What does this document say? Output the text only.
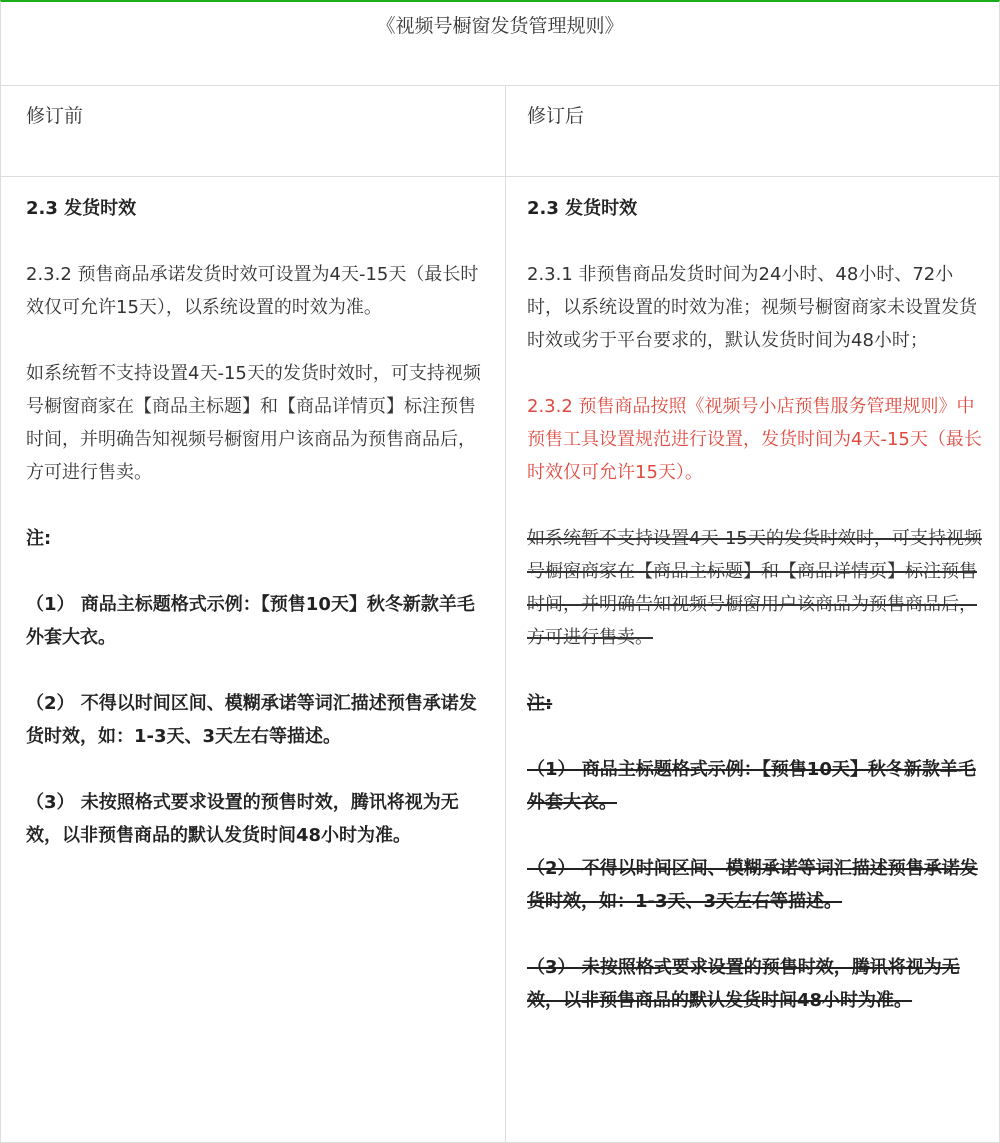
《视频号橱窗发货管理规则》
修订前	修订后

2.3 发货时效

2.3.2 预售商品承诺发货时效可设置为4天-15天（最长时效仅可允许15天），以系统设置的时效为准。

如系统暂不支持设置4天-15天的发货时效时，可支持视频号橱窗商家在【商品主标题】和【商品详情页】标注预售时间，并明确告知视频号橱窗用户该商品为预售商品后，方可进行售卖。

注:

（1） 商品主标题格式示例：【预售10天】秋冬新款羊毛外套大衣。

（2） 不得以时间区间、模糊承诺等词汇描述预售承诺发货时效，如：1-3天、3天左右等描述。

（3） 未按照格式要求设置的预售时效，腾讯将视为无效，以非预售商品的默认发货时间48小时为准。

2.3 发货时效

2.3.1 非预售商品发货时间为24小时、48小时、72小时，以系统设置的时效为准；视频号橱窗商家未设置发货时效或劣于平台要求的，默认发货时间为48小时；

2.3.2 预售商品按照《视频号小店预售服务管理规则》中预售工具设置规范进行设置，发货时间为4天-15天（最长时效仅可允许15天）。

如系统暂不支持设置4天-15天的发货时效时，可支持视频号橱窗商家在【商品主标题】和【商品详情页】标注预售时间，并明确告知视频号橱窗用户该商品为预售商品后，方可进行售卖。

注:

（1） 商品主标题格式示例：【预售10天】秋冬新款羊毛外套大衣。

（2） 不得以时间区间、模糊承诺等词汇描述预售承诺发货时效，如：1-3天、3天左右等描述。

（3） 未按照格式要求设置的预售时效，腾讯将视为无效，以非预售商品的默认发货时间48小时为准。
